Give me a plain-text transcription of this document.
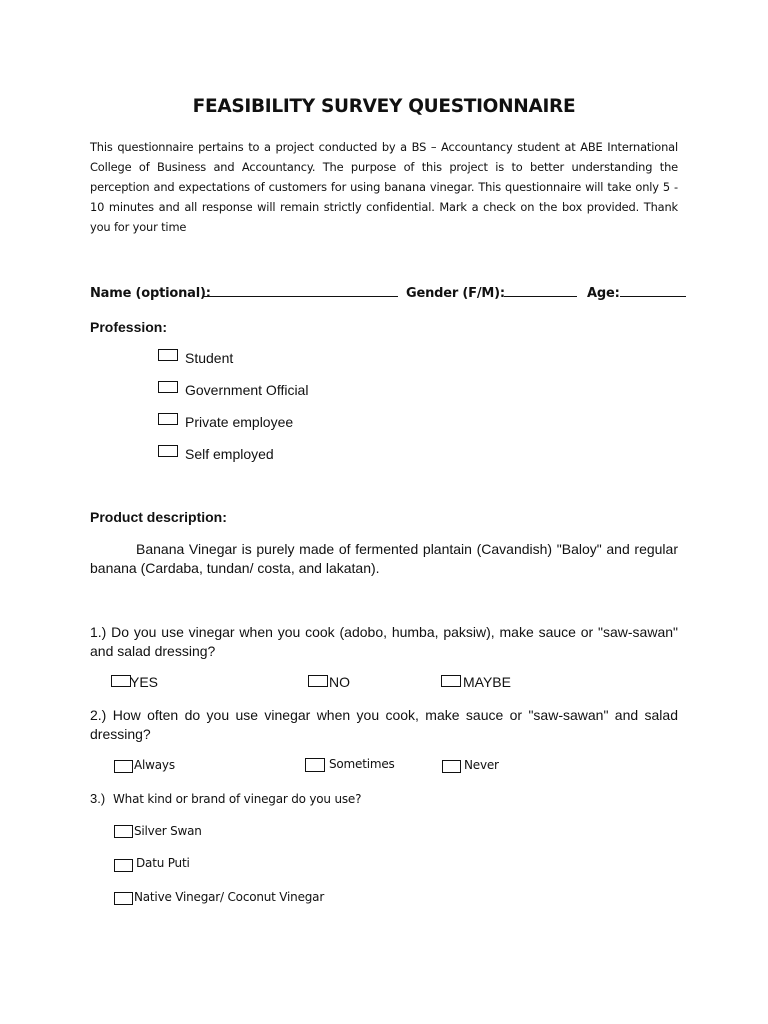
FEASIBILITY SURVEY QUESTIONNAIRE
This questionnaire pertains to a project conducted by a BS – Accountancy student at ABE International College of Business and Accountancy. The purpose of this project is to better understanding the perception and expectations of customers for using banana vinegar. This questionnaire will take only 5 - 10 minutes and all response will remain strictly confidential. Mark a check on the box provided. Thank you for your time
Name (optional):	Gender (F/M):	Age:
Profession:
Student
Government Official
Private employee
Self employed
Product description:
Banana Vinegar is purely made of fermented plantain (Cavandish) "Baloy" and regular banana (Cardaba, tundan/ costa, and lakatan).
1.) Do you use vinegar when you cook (adobo, humba, paksiw), make sauce or "saw-sawan" and salad dressing?
YES	NO	MAYBE
2.) How often do you use vinegar when you cook, make sauce or "saw-sawan" and salad dressing?
Always	Sometimes	Never
3.) What kind or brand of vinegar do you use?
Silver Swan
Datu Puti
Native Vinegar/ Coconut Vinegar
